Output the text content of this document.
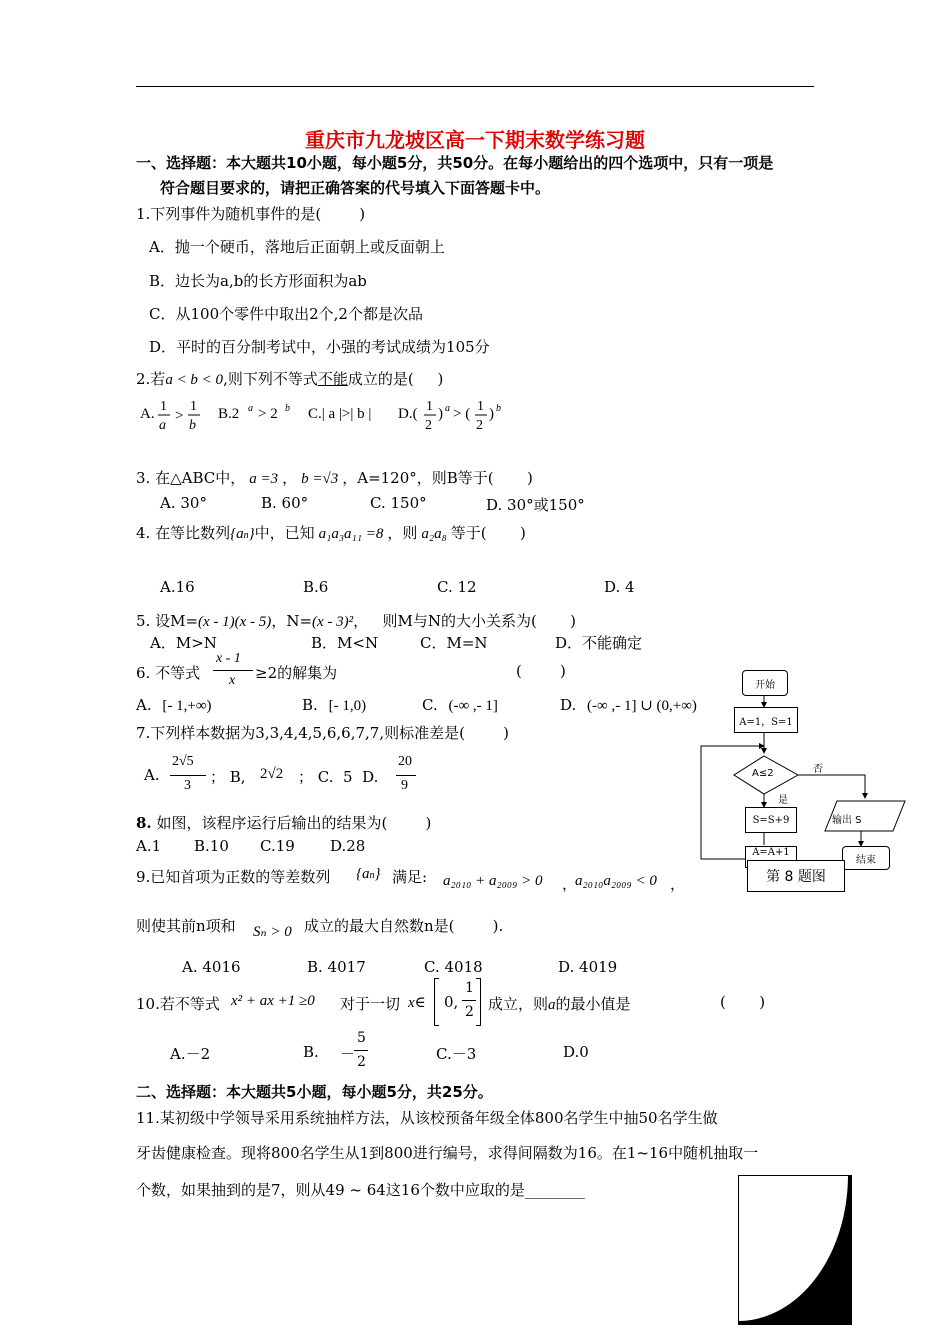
重庆市九龙坡区高一下期末数学练习题
一、选择题：本大题共10小题，每小题5分，共50分。在每小题给出的四个选项中，只有一项是
符合题目要求的，请把正确答案的代号填入下面答题卡中。
1.下列事件为随机事件的是(        )
A．抛一个硬币，落地后正面朝上或反面朝上
B．边长为a,b的长方形面积为ab
C．从100个零件中取出2个,2个都是次品
D．平时的百分制考试中，小强的考试成绩为105分
2.若a < b < 0,则下列不等式不能成立的是(     )
A. 1
a
>
1
b
B.2 a > 2 b C.| a |>| b | D.( 1
2
) a > ( 1
2
) b
3. 在△ABC中， a =3 ， b =√3 ，A=120°，则B等于(       )
A. 30°	B. 60°	C. 150°	D. 30°或150°
4. 在等比数列{an}中，已知 a₁a₃a₁₁ =8 ，则 a₂a₈ 等于(       )
A.16	B.6	C. 12	D. 4
5. 设M=(x - 1)(x - 5)，N=(x - 3)²，   则M与N的大小关系为(       )
A．M>N	B．M<N	C．M=N	D．不能确定
6. 不等式
x - 1
x ≥2的解集为	(        )
A. [- 1,+∞)	B. [- 1,0)	C. (-∞ ,- 1]	D. (-∞ ,- 1] ∪ (0,+∞)
7.下列样本数据为3,3,4,4,5,6,6,7,7,则标准差是(        )
A.
2√5
3 ； B, 2√2 ； C.  5  D.
20
9
8. 如图，该程序运行后输出的结果为(        )
A.1 B.10 C.19 D.28
9.已知首项为正数的等差数列 {an} 满足: a₂₀₁₀ + a₂₀₀₉ > 0 ，
a₂₀₁₀a₂₀₀₉ < 0 ，
则使其前n项和 Sₙ > 0 成立的最大自然数n是(        ).
A. 4016	B. 4017	C. 4018	D. 4019
10.若不等式 x² + ax +1 ≥0 对于一切 x∈ 0,
1
2 成立，则a的最小值是	(       )
A.－2	B. －
5
2	C.－3	D.0
二、选择题：本大题共5小题，每小题5分，共25分。
11.某初级中学领导采用系统抽样方法，从该校预备年级全体800名学生中抽50名学生做
牙齿健康检查。现将800名学生从1到800进行编号，求得间隔数为16。在1~16中随机抽取一
个数，如果抽到的是7，则从49 ~ 64这16个数中应取的是________
开始
A=1，S=1
A≤2	否
是
S=S+9
A=A+1
输出 S
结束
第 8 题图
